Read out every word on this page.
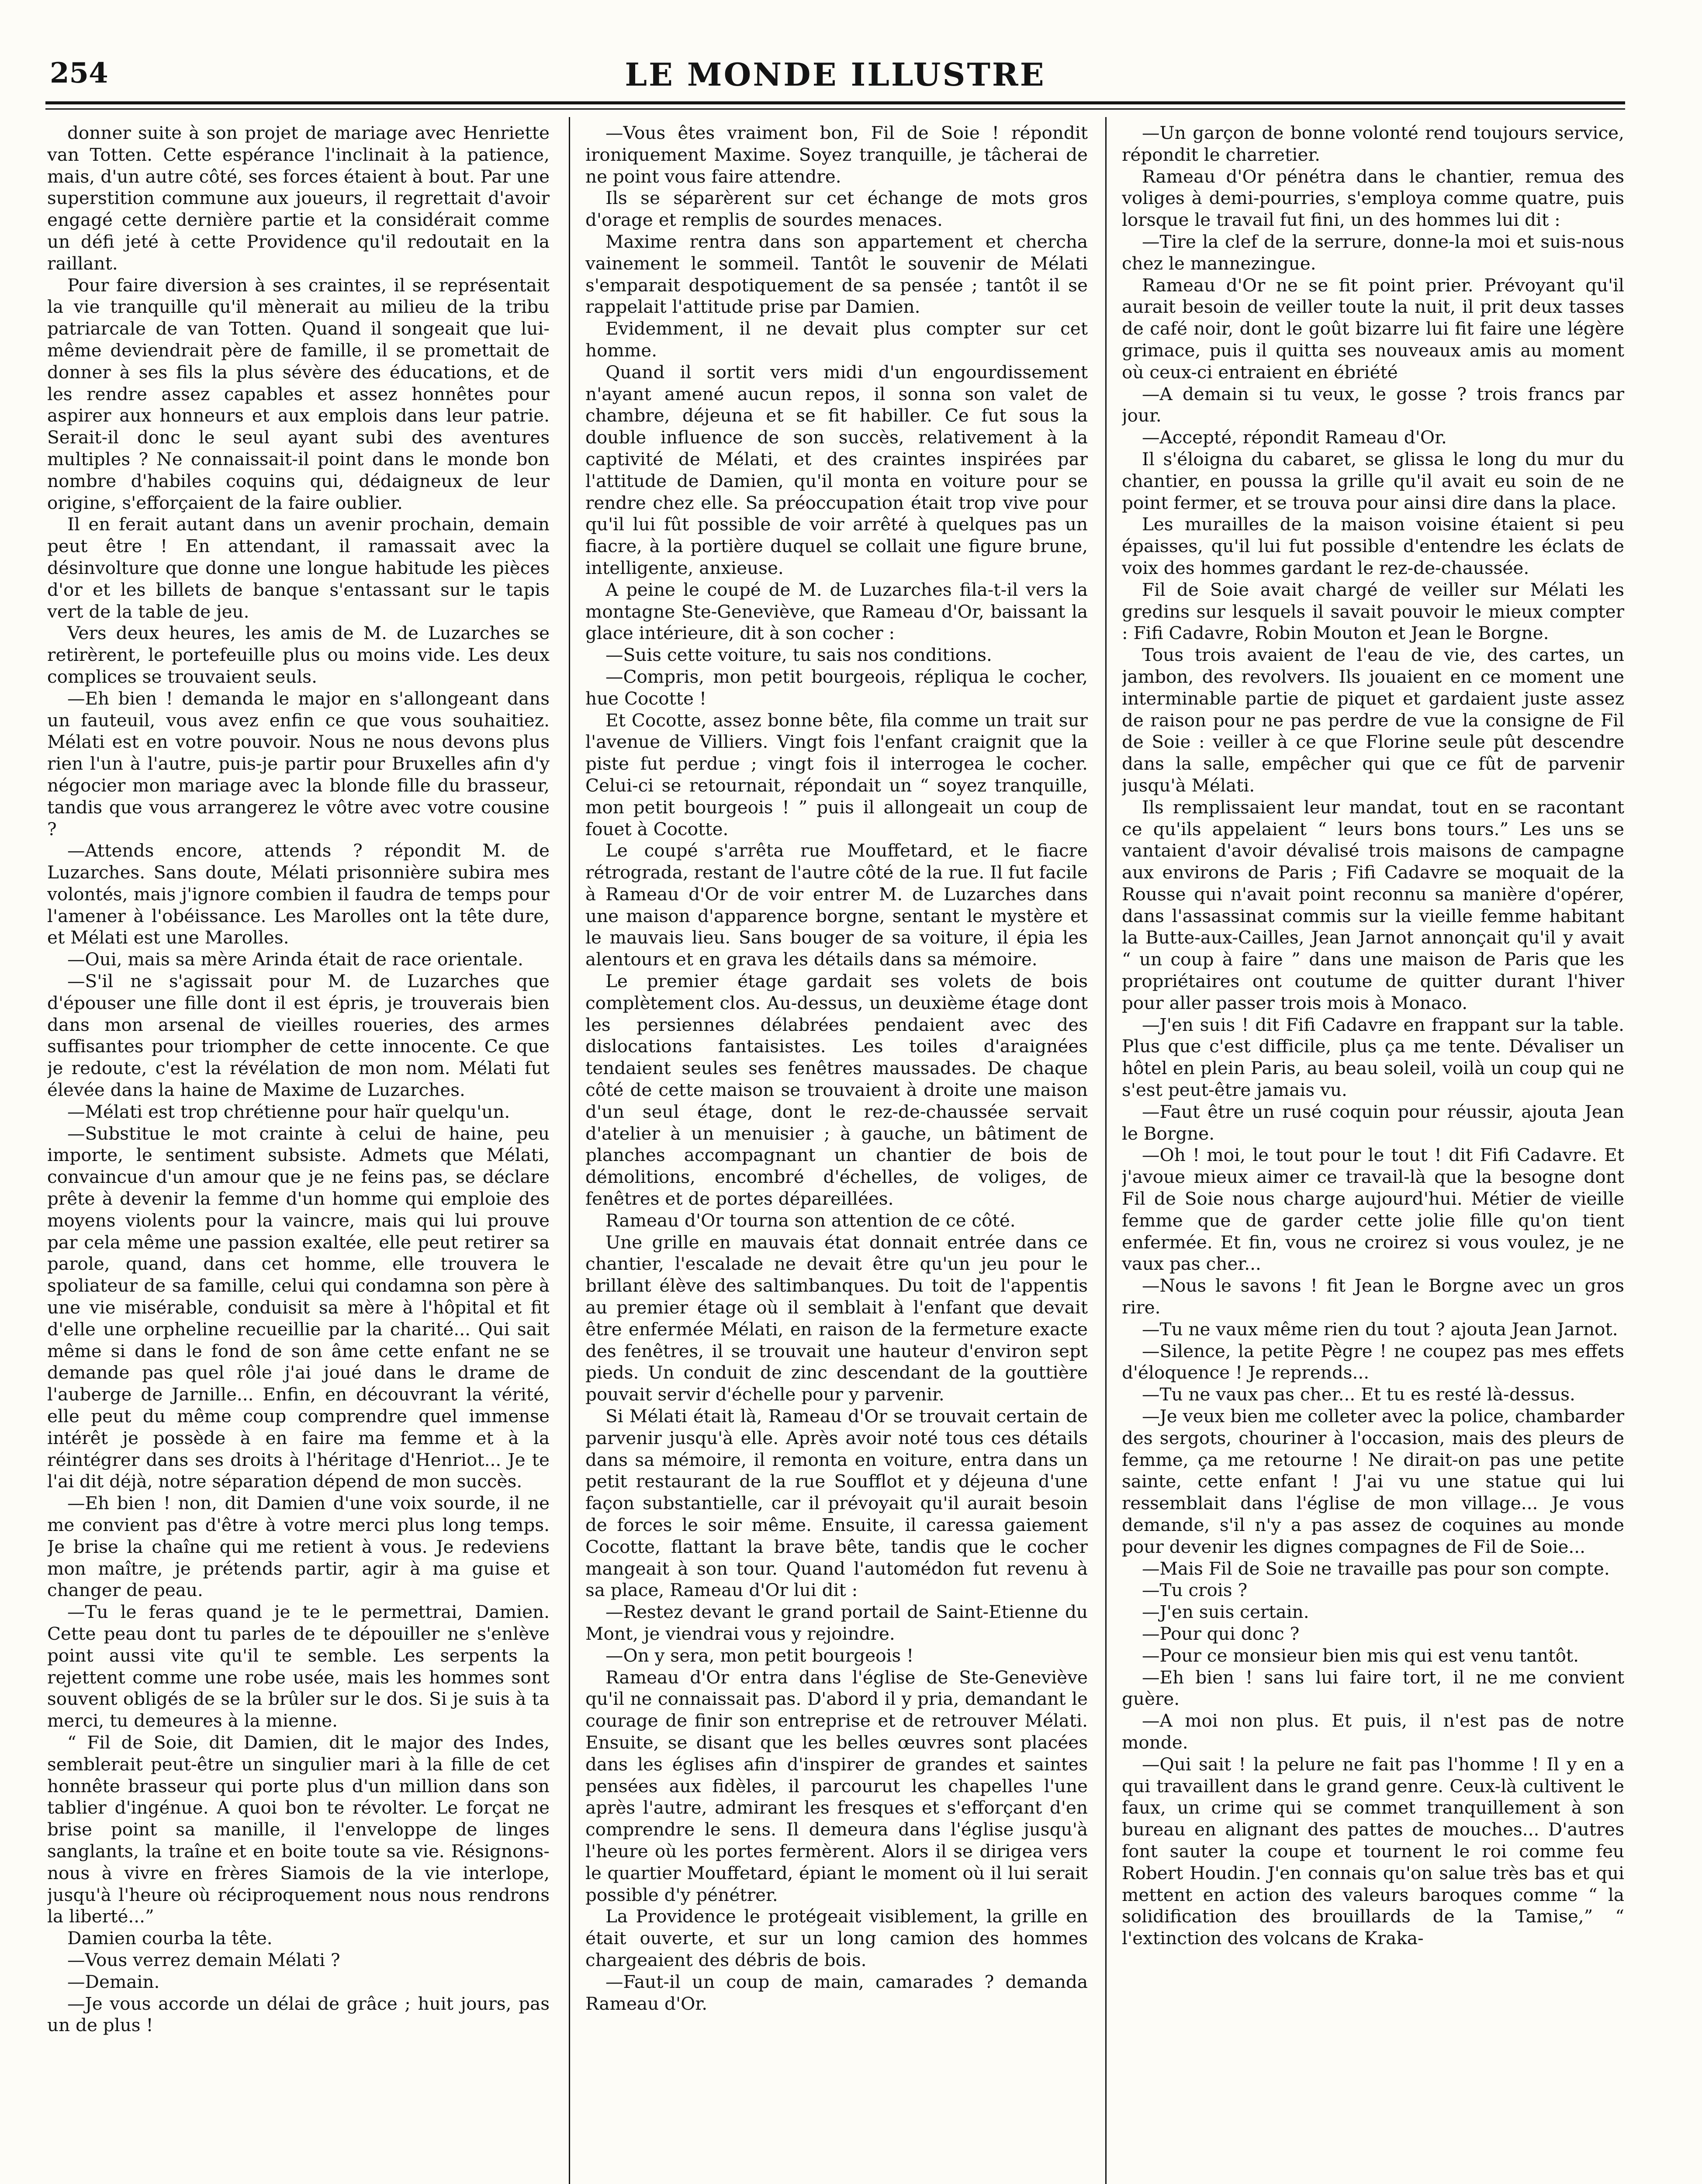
254	LE MONDE ILLUSTRE

donner suite à son projet de mariage avec Henriette van Totten. Cette espérance l'inclinait à la patience, mais, d'un autre côté, ses forces étaient à bout. Par une superstition commune aux joueurs, il regrettait d'avoir engagé cette dernière partie et la considérait comme un défi jeté à cette Providence qu'il redoutait en la raillant.

Pour faire diversion à ses craintes, il se représentait la vie tranquille qu'il mènerait au milieu de la tribu patriarcale de van Totten. Quand il songeait que lui-même deviendrait père de famille, il se promettait de donner à ses fils la plus sévère des éducations, et de les rendre assez capables et assez honnêtes pour aspirer aux honneurs et aux emplois dans leur patrie. Serait-il donc le seul ayant subi des aventures multiples ? Ne connaissait-il point dans le monde bon nombre d'habiles coquins qui, dédaigneux de leur origine, s'efforçaient de la faire oublier.

Il en ferait autant dans un avenir prochain, demain peut être ! En attendant, il ramassait avec la désinvolture que donne une longue habitude les pièces d'or et les billets de banque s'entassant sur le tapis vert de la table de jeu.

Vers deux heures, les amis de M. de Luzarches se retirèrent, le portefeuille plus ou moins vide. Les deux complices se trouvaient seuls.

—Eh bien ! demanda le major en s'allongeant dans un fauteuil, vous avez enfin ce que vous souhaitiez. Mélati est en votre pouvoir. Nous ne nous devons plus rien l'un à l'autre, puis-je partir pour Bruxelles afin d'y négocier mon mariage avec la blonde fille du brasseur, tandis que vous arrangerez le vôtre avec votre cousine ?

—Attends encore, attends ? répondit M. de Luzarches. Sans doute, Mélati prisonnière subira mes volontés, mais j'ignore combien il faudra de temps pour l'amener à l'obéissance. Les Marolles ont la tête dure, et Mélati est une Marolles.

—Oui, mais sa mère Arinda était de race orientale.

—S'il ne s'agissait pour M. de Luzarches que d'épouser une fille dont il est épris, je trouverais bien dans mon arsenal de vieilles roueries, des armes suffisantes pour triompher de cette innocente. Ce que je redoute, c'est la révélation de mon nom. Mélati fut élevée dans la haine de Maxime de Luzarches.

—Mélati est trop chrétienne pour haïr quelqu'un.

—Substitue le mot crainte à celui de haine, peu importe, le sentiment subsiste. Admets que Mélati, convaincue d'un amour que je ne feins pas, se déclare prête à devenir la femme d'un homme qui emploie des moyens violents pour la vaincre, mais qui lui prouve par cela même une passion exaltée, elle peut retirer sa parole, quand, dans cet homme, elle trouvera le spoliateur de sa famille, celui qui condamna son père à une vie misérable, conduisit sa mère à l'hôpital et fit d'elle une orpheline recueillie par la charité... Qui sait même si dans le fond de son âme cette enfant ne se demande pas quel rôle j'ai joué dans le drame de l'auberge de Jarnille... Enfin, en découvrant la vérité, elle peut du même coup comprendre quel immense intérêt je possède à en faire ma femme et à la réintégrer dans ses droits à l'héritage d'Henriot... Je te l'ai dit déjà, notre séparation dépend de mon succès.

—Eh bien ! non, dit Damien d'une voix sourde, il ne me convient pas d'être à votre merci plus long temps. Je brise la chaîne qui me retient à vous. Je redeviens mon maître, je prétends partir, agir à ma guise et changer de peau.

—Tu le feras quand je te le permettrai, Damien. Cette peau dont tu parles de te dépouiller ne s'enlève point aussi vite qu'il te semble. Les serpents la rejettent comme une robe usée, mais les hommes sont souvent obligés de se la brûler sur le dos. Si je suis à ta merci, tu demeures à la mienne.

“ Fil de Soie, dit Damien, dit le major des Indes, semblerait peut-être un singulier mari à la fille de cet honnête brasseur qui porte plus d'un million dans son tablier d'ingénue. A quoi bon te révolter. Le forçat ne brise point sa manille, il l'enveloppe de linges sanglants, la traîne et en boite toute sa vie. Résignons-nous à vivre en frères Siamois de la vie interlope, jusqu'à l'heure où réciproquement nous nous rendrons la liberté...”

Damien courba la tête.

—Vous verrez demain Mélati ?

—Demain.

—Je vous accorde un délai de grâce ; huit jours, pas un de plus !

—Vous êtes vraiment bon, Fil de Soie ! répondit ironiquement Maxime. Soyez tranquille, je tâcherai de ne point vous faire attendre.

Ils se séparèrent sur cet échange de mots gros d'orage et remplis de sourdes menaces.

Maxime rentra dans son appartement et chercha vainement le sommeil. Tantôt le souvenir de Mélati s'emparait despotiquement de sa pensée ; tantôt il se rappelait l'attitude prise par Damien.

Evidemment, il ne devait plus compter sur cet homme.

Quand il sortit vers midi d'un engourdissement n'ayant amené aucun repos, il sonna son valet de chambre, déjeuna et se fit habiller. Ce fut sous la double influence de son succès, relativement à la captivité de Mélati, et des craintes inspirées par l'attitude de Damien, qu'il monta en voiture pour se rendre chez elle. Sa préoccupation était trop vive pour qu'il lui fût possible de voir arrêté à quelques pas un fiacre, à la portière duquel se collait une figure brune, intelligente, anxieuse.

A peine le coupé de M. de Luzarches fila-t-il vers la montagne Ste-Geneviève, que Rameau d'Or, baissant la glace intérieure, dit à son cocher :

—Suis cette voiture, tu sais nos conditions.

—Compris, mon petit bourgeois, répliqua le cocher, hue Cocotte !

Et Cocotte, assez bonne bête, fila comme un trait sur l'avenue de Villiers. Vingt fois l'enfant craignit que la piste fut perdue ; vingt fois il interrogea le cocher. Celui-ci se retournait, répondait un “ soyez tranquille, mon petit bourgeois ! ” puis il allongeait un coup de fouet à Cocotte.

Le coupé s'arrêta rue Mouffetard, et le fiacre rétrograda, restant de l'autre côté de la rue. Il fut facile à Rameau d'Or de voir entrer M. de Luzarches dans une maison d'apparence borgne, sentant le mystère et le mauvais lieu. Sans bouger de sa voiture, il épia les alentours et en grava les détails dans sa mémoire.

Le premier étage gardait ses volets de bois complètement clos. Au-dessus, un deuxième étage dont les persiennes délabrées pendaient avec des dislocations fantaisistes. Les toiles d'araignées tendaient seules ses fenêtres maussades. De chaque côté de cette maison se trouvaient à droite une maison d'un seul étage, dont le rez-de-chaussée servait d'atelier à un menuisier ; à gauche, un bâtiment de planches accompagnant un chantier de bois de démolitions, encombré d'échelles, de voliges, de fenêtres et de portes dépareillées.

Rameau d'Or tourna son attention de ce côté.

Une grille en mauvais état donnait entrée dans ce chantier, l'escalade ne devait être qu'un jeu pour le brillant élève des saltimbanques. Du toit de l'appentis au premier étage où il semblait à l'enfant que devait être enfermée Mélati, en raison de la fermeture exacte des fenêtres, il se trouvait une hauteur d'environ sept pieds. Un conduit de zinc descendant de la gouttière pouvait servir d'échelle pour y parvenir.

Si Mélati était là, Rameau d'Or se trouvait certain de parvenir jusqu'à elle. Après avoir noté tous ces détails dans sa mémoire, il remonta en voiture, entra dans un petit restaurant de la rue Soufflot et y déjeuna d'une façon substantielle, car il prévoyait qu'il aurait besoin de forces le soir même. Ensuite, il caressa gaiement Cocotte, flattant la brave bête, tandis que le cocher mangeait à son tour. Quand l'automédon fut revenu à sa place, Rameau d'Or lui dit :

—Restez devant le grand portail de Saint-Etienne du Mont, je viendrai vous y rejoindre.

—On y sera, mon petit bourgeois !

Rameau d'Or entra dans l'église de Ste-Geneviève qu'il ne connaissait pas. D'abord il y pria, demandant le courage de finir son entreprise et de retrouver Mélati. Ensuite, se disant que les belles œuvres sont placées dans les églises afin d'inspirer de grandes et saintes pensées aux fidèles, il parcourut les chapelles l'une après l'autre, admirant les fresques et s'efforçant d'en comprendre le sens. Il demeura dans l'église jusqu'à l'heure où les portes fermèrent. Alors il se dirigea vers le quartier Mouffetard, épiant le moment où il lui serait possible d'y pénétrer.

La Providence le protégeait visiblement, la grille en était ouverte, et sur un long camion des hommes chargeaient des débris de bois.

—Faut-il un coup de main, camarades ? demanda Rameau d'Or.

—Un garçon de bonne volonté rend toujours service, répondit le charretier.

Rameau d'Or pénétra dans le chantier, remua des voliges à demi-pourries, s'employa comme quatre, puis lorsque le travail fut fini, un des hommes lui dit :

—Tire la clef de la serrure, donne-la moi et suis-nous chez le mannezingue.

Rameau d'Or ne se fit point prier. Prévoyant qu'il aurait besoin de veiller toute la nuit, il prit deux tasses de café noir, dont le goût bizarre lui fit faire une légère grimace, puis il quitta ses nouveaux amis au moment où ceux-ci entraient en ébriété

—A demain si tu veux, le gosse ? trois francs par jour.

—Accepté, répondit Rameau d'Or.

Il s'éloigna du cabaret, se glissa le long du mur du chantier, en poussa la grille qu'il avait eu soin de ne point fermer, et se trouva pour ainsi dire dans la place.

Les murailles de la maison voisine étaient si peu épaisses, qu'il lui fut possible d'entendre les éclats de voix des hommes gardant le rez-de-chaussée.

Fil de Soie avait chargé de veiller sur Mélati les gredins sur lesquels il savait pouvoir le mieux compter : Fifi Cadavre, Robin Mouton et Jean le Borgne.

Tous trois avaient de l'eau de vie, des cartes, un jambon, des revolvers. Ils jouaient en ce moment une interminable partie de piquet et gardaient juste assez de raison pour ne pas perdre de vue la consigne de Fil de Soie : veiller à ce que Florine seule pût descendre dans la salle, empêcher qui que ce fût de parvenir jusqu'à Mélati.

Ils remplissaient leur mandat, tout en se racontant ce qu'ils appelaient “ leurs bons tours.” Les uns se vantaient d'avoir dévalisé trois maisons de campagne aux environs de Paris ; Fifi Cadavre se moquait de la Rousse qui n'avait point reconnu sa manière d'opérer, dans l'assassinat commis sur la vieille femme habitant la Butte-aux-Cailles, Jean Jarnot annonçait qu'il y avait “ un coup à faire ” dans une maison de Paris que les propriétaires ont coutume de quitter durant l'hiver pour aller passer trois mois à Monaco.

—J'en suis ! dit Fifi Cadavre en frappant sur la table. Plus que c'est difficile, plus ça me tente. Dévaliser un hôtel en plein Paris, au beau soleil, voilà un coup qui ne s'est peut-être jamais vu.

—Faut être un rusé coquin pour réussir, ajouta Jean le Borgne.

—Oh ! moi, le tout pour le tout ! dit Fifi Cadavre. Et j'avoue mieux aimer ce travail-là que la besogne dont Fil de Soie nous charge aujourd'hui. Métier de vieille femme que de garder cette jolie fille qu'on tient enfermée. Et fin, vous ne croirez si vous voulez, je ne vaux pas cher...

—Nous le savons ! fit Jean le Borgne avec un gros rire.

—Tu ne vaux même rien du tout ? ajouta Jean Jarnot.

—Silence, la petite Pègre ! ne coupez pas mes effets d'éloquence ! Je reprends...

—Tu ne vaux pas cher... Et tu es resté là-dessus.

—Je veux bien me colleter avec la police, chambarder des sergots, chouriner à l'occasion, mais des pleurs de femme, ça me retourne ! Ne dirait-on pas une petite sainte, cette enfant ! J'ai vu une statue qui lui ressemblait dans l'église de mon village... Je vous demande, s'il n'y a pas assez de coquines au monde pour devenir les dignes compagnes de Fil de Soie...

—Mais Fil de Soie ne travaille pas pour son compte.

—Tu crois ?

—J'en suis certain.

—Pour qui donc ?

—Pour ce monsieur bien mis qui est venu tantôt.

—Eh bien ! sans lui faire tort, il ne me convient guère.

—A moi non plus. Et puis, il n'est pas de notre monde.

—Qui sait ! la pelure ne fait pas l'homme ! Il y en a qui travaillent dans le grand genre. Ceux-là cultivent le faux, un crime qui se commet tranquillement à son bureau en alignant des pattes de mouches... D'autres font sauter la coupe et tournent le roi comme feu Robert Houdin. J'en connais qu'on salue très bas et qui mettent en action des valeurs baroques comme “ la solidification des brouillards de la Tamise,” “ l'extinction des volcans de Kraka-
